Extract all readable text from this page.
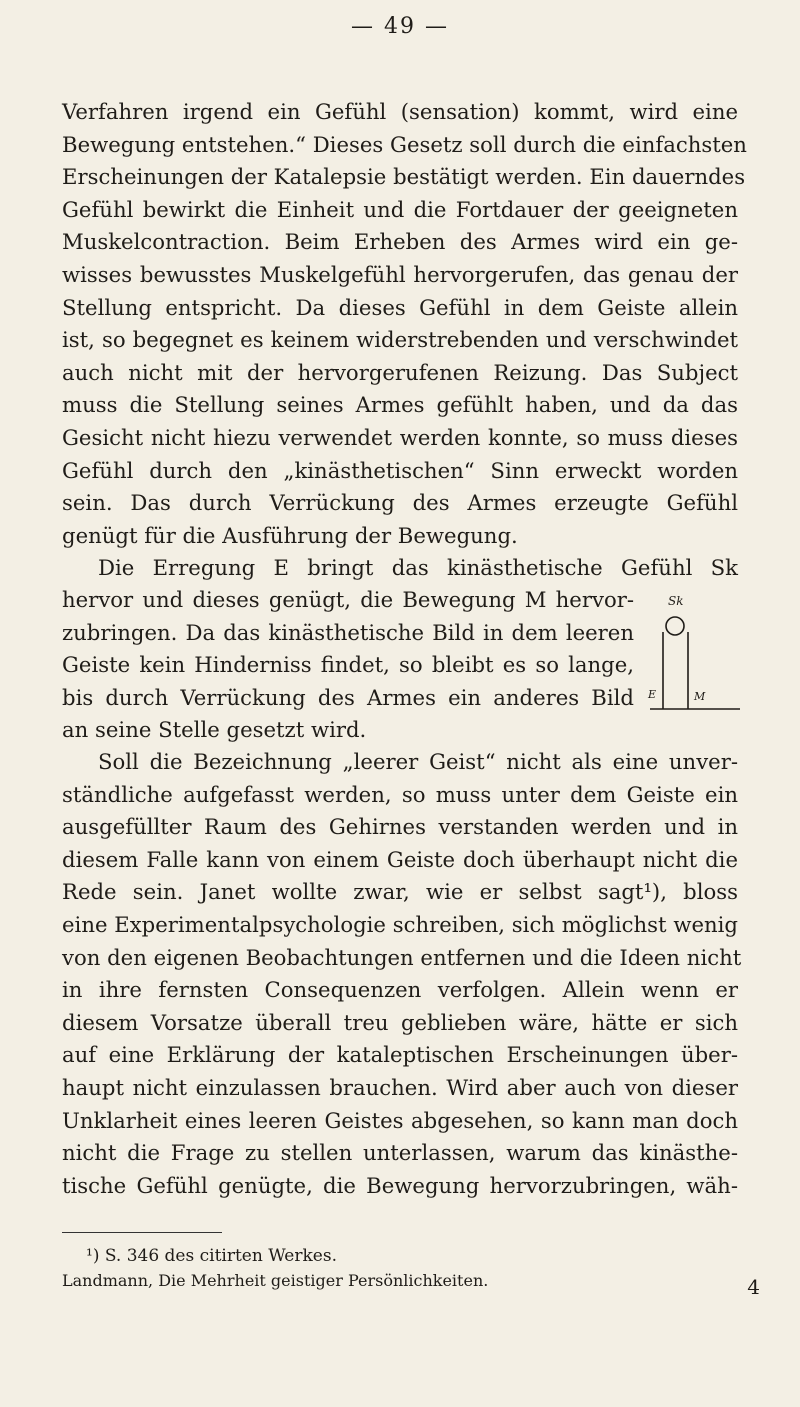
— 49 —
Verfahren irgend ein Gefühl (sensation) kommt, wird eine
Bewegung entstehen.“ Dieses Gesetz soll durch die einfachsten
Erscheinungen der Katalepsie bestätigt werden. Ein dauerndes
Gefühl bewirkt die Einheit und die Fortdauer der geeigneten
Muskelcontraction. Beim Erheben des Armes wird ein ge-
wisses bewusstes Muskelgefühl hervorgerufen, das genau der
Stellung entspricht. Da dieses Gefühl in dem Geiste allein
ist, so begegnet es keinem widerstrebenden und verschwindet
auch nicht mit der hervorgerufenen Reizung. Das Subject
muss die Stellung seines Armes gefühlt haben, und da das
Gesicht nicht hiezu verwendet werden konnte, so muss dieses
Gefühl durch den „kinästhetischen“ Sinn erweckt worden
sein. Das durch Verrückung des Armes erzeugte Gefühl
genügt für die Ausführung der Bewegung.
Die Erregung E bringt das kinästhetische Gefühl Sk
hervor und dieses genügt, die Bewegung M hervor-
zubringen. Da das kinästhetische Bild in dem leeren
Geiste kein Hinderniss findet, so bleibt es so lange,
bis durch Verrückung des Armes ein anderes Bild
an seine Stelle gesetzt wird.
Sk
E	M
Soll die Bezeichnung „leerer Geist“ nicht als eine unver-
ständliche aufgefasst werden, so muss unter dem Geiste ein
ausgefüllter Raum des Gehirnes verstanden werden und in
diesem Falle kann von einem Geiste doch überhaupt nicht die
Rede sein. Janet wollte zwar, wie er selbst sagt¹), bloss
eine Experimentalpsychologie schreiben, sich möglichst wenig
von den eigenen Beobachtungen entfernen und die Ideen nicht
in ihre fernsten Consequenzen verfolgen. Allein wenn er
diesem Vorsatze überall treu geblieben wäre, hätte er sich
auf eine Erklärung der kataleptischen Erscheinungen über-
haupt nicht einzulassen brauchen. Wird aber auch von dieser
Unklarheit eines leeren Geistes abgesehen, so kann man doch
nicht die Frage zu stellen unterlassen, warum das kinästhe-
tische Gefühl genügte, die Bewegung hervorzubringen, wäh-
¹) S. 346 des citirten Werkes.
Landmann, Die Mehrheit geistiger Persönlichkeiten.	4
